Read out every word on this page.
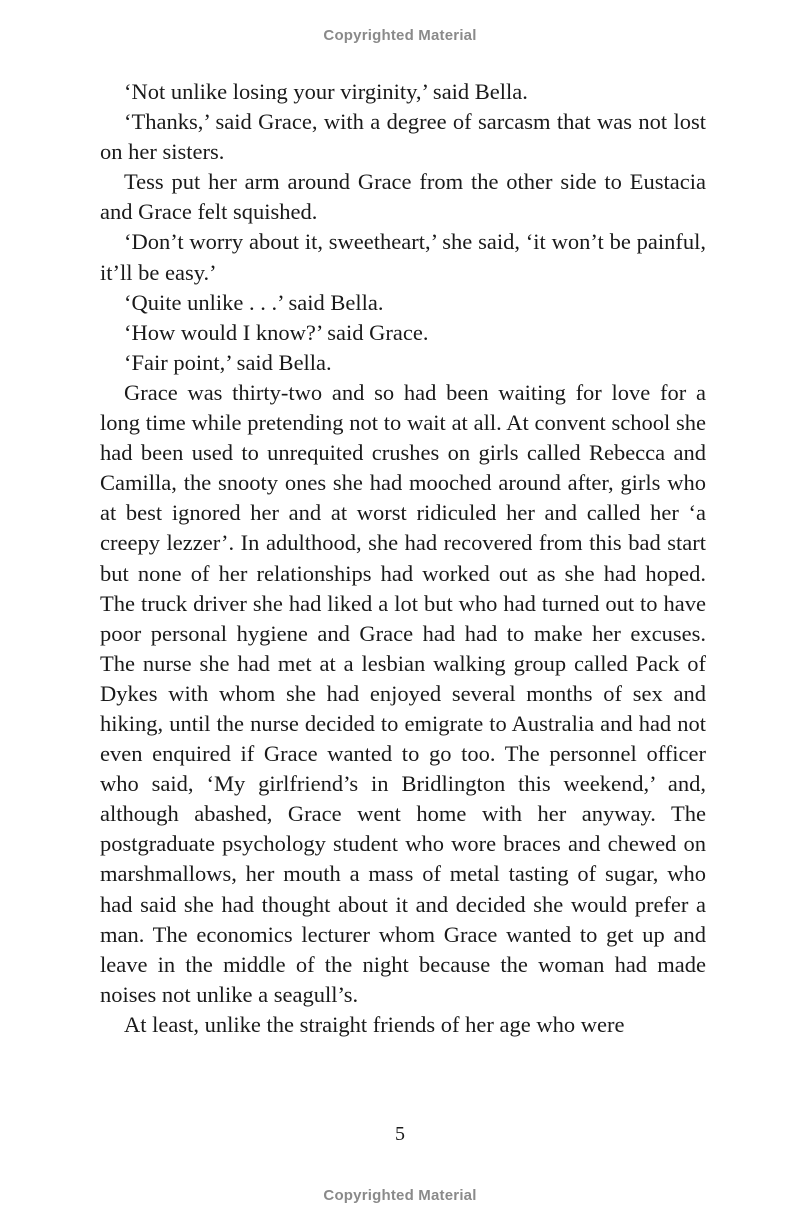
Copyrighted Material

‘Not unlike losing your virginity,’ said Bella.

‘Thanks,’ said Grace, with a degree of sarcasm that was not lost on her sisters.

Tess put her arm around Grace from the other side to Eustacia and Grace felt squished.

‘Don’t worry about it, sweetheart,’ she said, ‘it won’t be painful, it’ll be easy.’

‘Quite unlike . . .’ said Bella.

‘How would I know?’ said Grace.

‘Fair point,’ said Bella.

Grace was thirty-two and so had been waiting for love for a long time while pretending not to wait at all. At convent school she had been used to unrequited crushes on girls called Rebecca and Camilla, the snooty ones she had mooched around after, girls who at best ignored her and at worst ridiculed her and called her ‘a creepy lezzer’. In adulthood, she had recovered from this bad start but none of her relationships had worked out as she had hoped. The truck driver she had liked a lot but who had turned out to have poor personal hygiene and Grace had had to make her excuses. The nurse she had met at a lesbian walking group called Pack of Dykes with whom she had enjoyed several months of sex and hiking, until the nurse decided to emigrate to Australia and had not even enquired if Grace wanted to go too. The personnel officer who said, ‘My girlfriend’s in Bridlington this weekend,’ and, although abashed, Grace went home with her anyway. The postgraduate psychology student who wore braces and chewed on marshmallows, her mouth a mass of metal tasting of sugar, who had said she had thought about it and decided she would prefer a man. The economics lecturer whom Grace wanted to get up and leave in the middle of the night because the woman had made noises not unlike a seagull’s.

At least, unlike the straight friends of her age who were

5
Copyrighted Material
